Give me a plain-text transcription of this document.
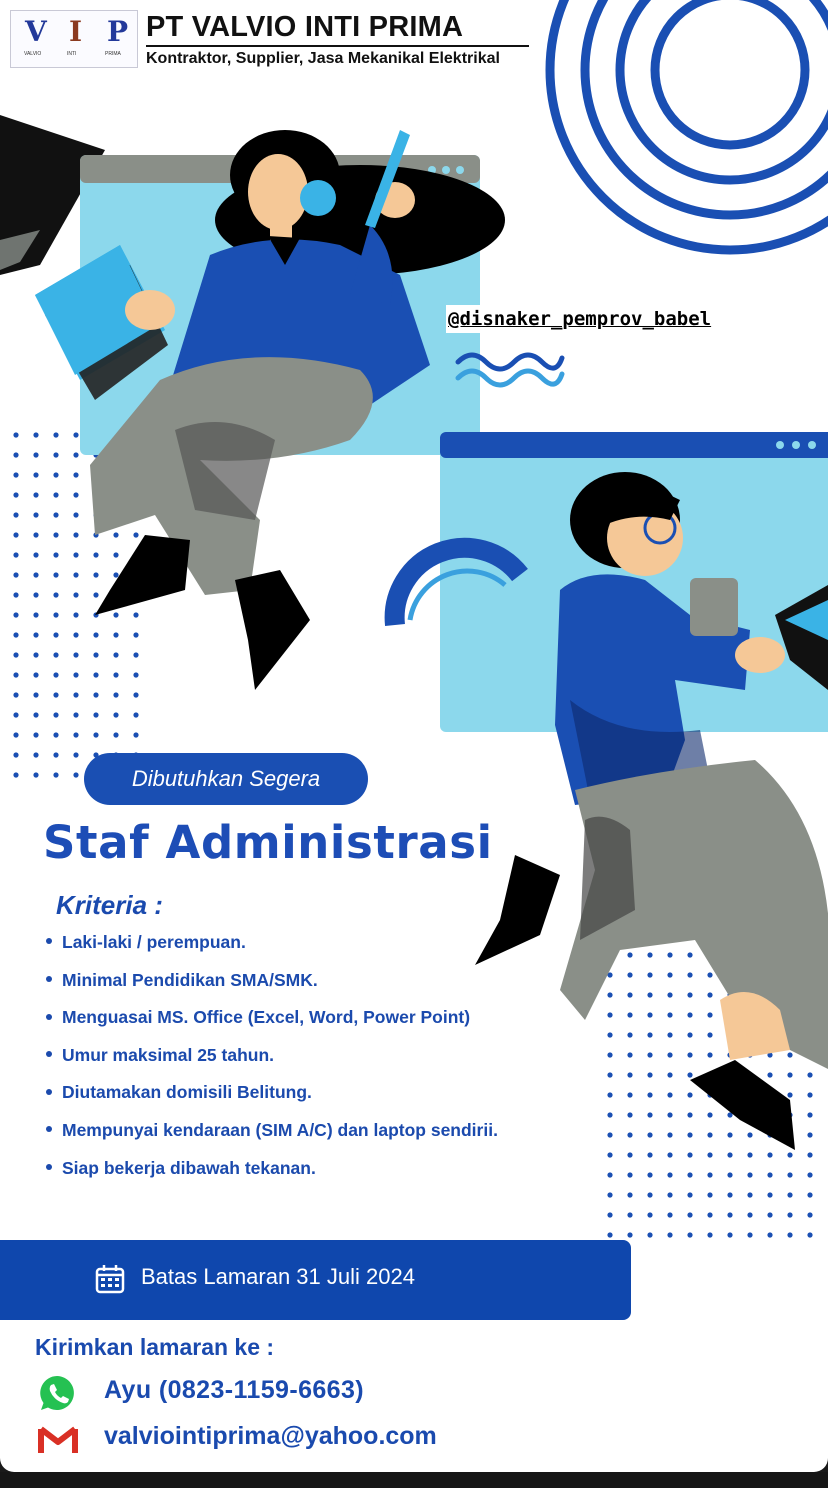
V I P
VALVIO	INTI	PRIMA
PT VALVIO INTI PRIMA
Kontraktor, Supplier, Jasa Mekanikal Elektrikal
@disnaker_pemprov_babel
Dibutuhkan Segera
Staf Administrasi
Kriteria :
Laki-laki / perempuan.
Minimal Pendidikan SMA/SMK.
Menguasai MS. Office (Excel, Word, Power Point)
Umur maksimal 25 tahun.
Diutamakan domisili Belitung.
Mempunyai kendaraan (SIM A/C) dan laptop sendirii.
Siap bekerja dibawah tekanan.
Batas Lamaran 31 Juli 2024
Kirimkan lamaran ke :
Ayu (0823-1159-6663)
valviointiprima@yahoo.com
